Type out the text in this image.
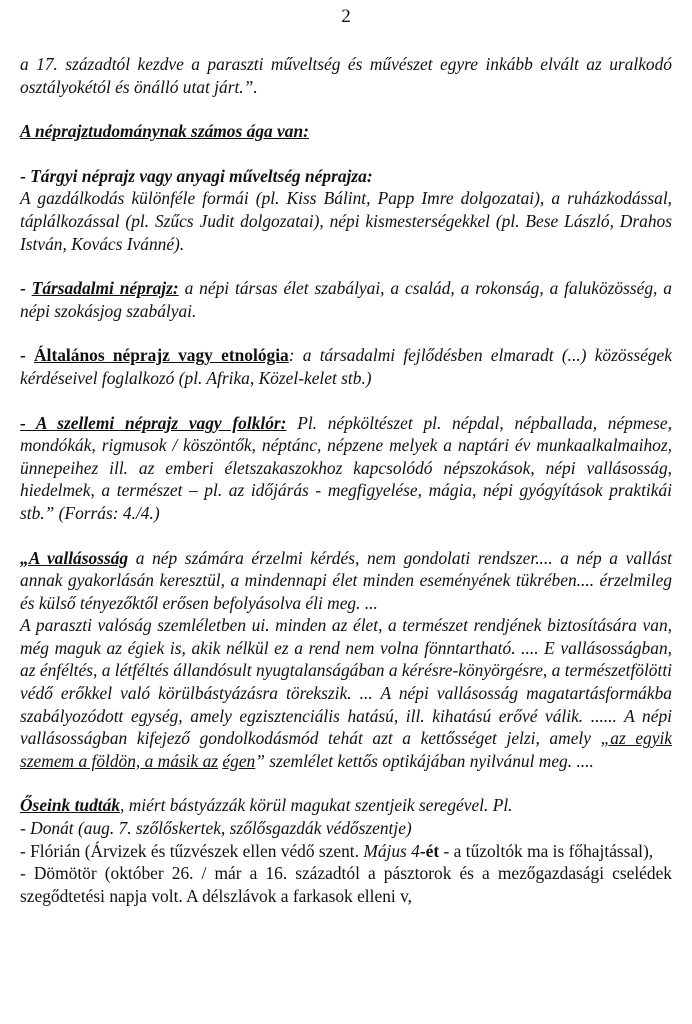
2

a 17. századtól kezdve a paraszti műveltség és művészet egyre inkább elvált az uralkodó osztályokétól és önálló utat járt.”.

A néprajztudománynak számos ága van:

- Tárgyi néprajz vagy anyagi műveltség néprajza:
A gazdálkodás különféle formái (pl. Kiss Bálint, Papp Imre dolgozatai), a ruházkodással, táplálkozással (pl. Szűcs Judit dolgozatai), népi kismesterségekkel (pl. Bese László, Drahos István, Kovács Ivánné).

- Társadalmi néprajz: a népi társas élet szabályai, a család, a rokonság, a faluközösség, a népi szokásjog szabályai.

- Általános néprajz vagy etnológia: a társadalmi fejlődésben elmaradt (...) közösségek kérdéseivel foglalkozó (pl. Afrika, Közel-kelet stb.)

- A szellemi néprajz vagy folklór: Pl. népköltészet pl. népdal, népballada, népmese, mondókák, rigmusok / köszöntők, néptánc, népzene melyek a naptári év munkaalkalmaihoz, ünnepeihez ill. az emberi életszakaszokhoz kapcsolódó népszokások, népi vallásosság, hiedelmek, a természet – pl. az időjárás - megfigyelése, mágia, népi gyógyítások praktikái stb.” (Forrás: 4./4.)

„A vallásosság a nép számára érzelmi kérdés, nem gondolati rendszer.... a nép a vallást annak gyakorlásán keresztül, a mindennapi élet minden eseményének tükrében.... érzelmileg és külső tényezőktől erősen befolyásolva éli meg. ...

A paraszti valóság szemléletben ui. minden az élet, a természet rendjének biztosítására van, még maguk az égiek is, akik nélkül ez a rend nem volna fönntartható. .... E vallásosságban, az énféltés, a létféltés állandósult nyugtalanságában a kérésre-könyörgésre, a természetfölötti védő erőkkel való körülbástyázásra törekszik. ... A népi vallásosság magatartásformákba szabályozódott egység, amely egzisztenciális hatású, ill. kihatású erővé válik. ...... A népi vallásosságban kifejező gondolkodásmód tehát azt a kettősséget jelzi, amely „az egyik szemem a földön, a másik az égen” szemlélet kettős optikájában nyilvánul meg. ....

Őseink tudták, miért bástyázzák körül magukat szentjeik seregével. Pl.

- Donát (aug. 7. szőlőskertek, szőlősgazdák védőszentje)

- Flórián (Árvizek és tűzvészek ellen védő szent. Május 4-ét - a tűzoltók ma is főhajtással),

- Dömötör (október 26. / már a 16. századtól a pásztorok és a mezőgazdasági cselédek szegődtetési napja volt. A délszlávok a farkasok elleni v,
